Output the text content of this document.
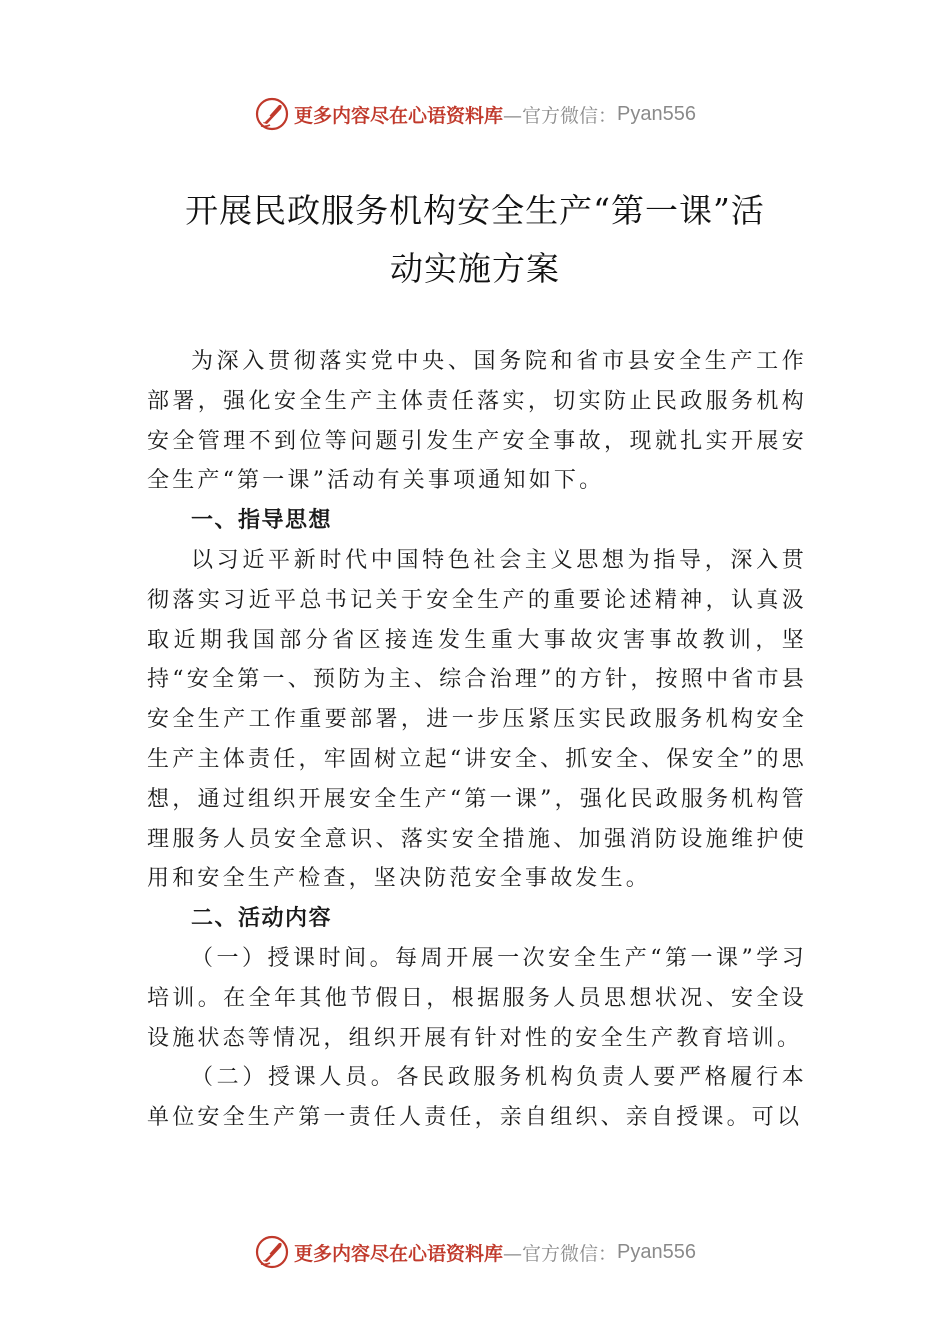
更多内容尽在心语资料库 —官方微信： Pyan556
开展民政服务机构安全生产“第一课”活
动实施方案

为深入贯彻落实党中央、国务院和省市县安全生产工作部署，强化安全生产主体责任落实，切实防止民政服务机构安全管理不到位等问题引发生产安全事故，现就扎实开展安全生产“第一课”活动有关事项通知如下。

一、指导思想

以习近平新时代中国特色社会主义思想为指导，深入贯彻落实习近平总书记关于安全生产的重要论述精神，认真汲取近期我国部分省区接连发生重大事故灾害事故教训，坚持“安全第一、预防为主、综合治理”的方针，按照中省市县安全生产工作重要部署，进一步压紧压实民政服务机构安全生产主体责任，牢固树立起“讲安全、抓安全、保安全”的思想，通过组织开展安全生产“第一课”，强化民政服务机构管理服务人员安全意识、落实安全措施、加强消防设施维护使用和安全生产检查，坚决防范安全事故发生。

二、活动内容

（一）授课时间。每周开展一次安全生产“第一课”学习培训。在全年其他节假日，根据服务人员思想状况、安全设设施状态等情况，组织开展有针对性的安全生产教育培训。

（二）授课人员。各民政服务机构负责人要严格履行本单位安全生产第一责任人责任，亲自组织、亲自授课。可以

更多内容尽在心语资料库 —官方微信： Pyan556
